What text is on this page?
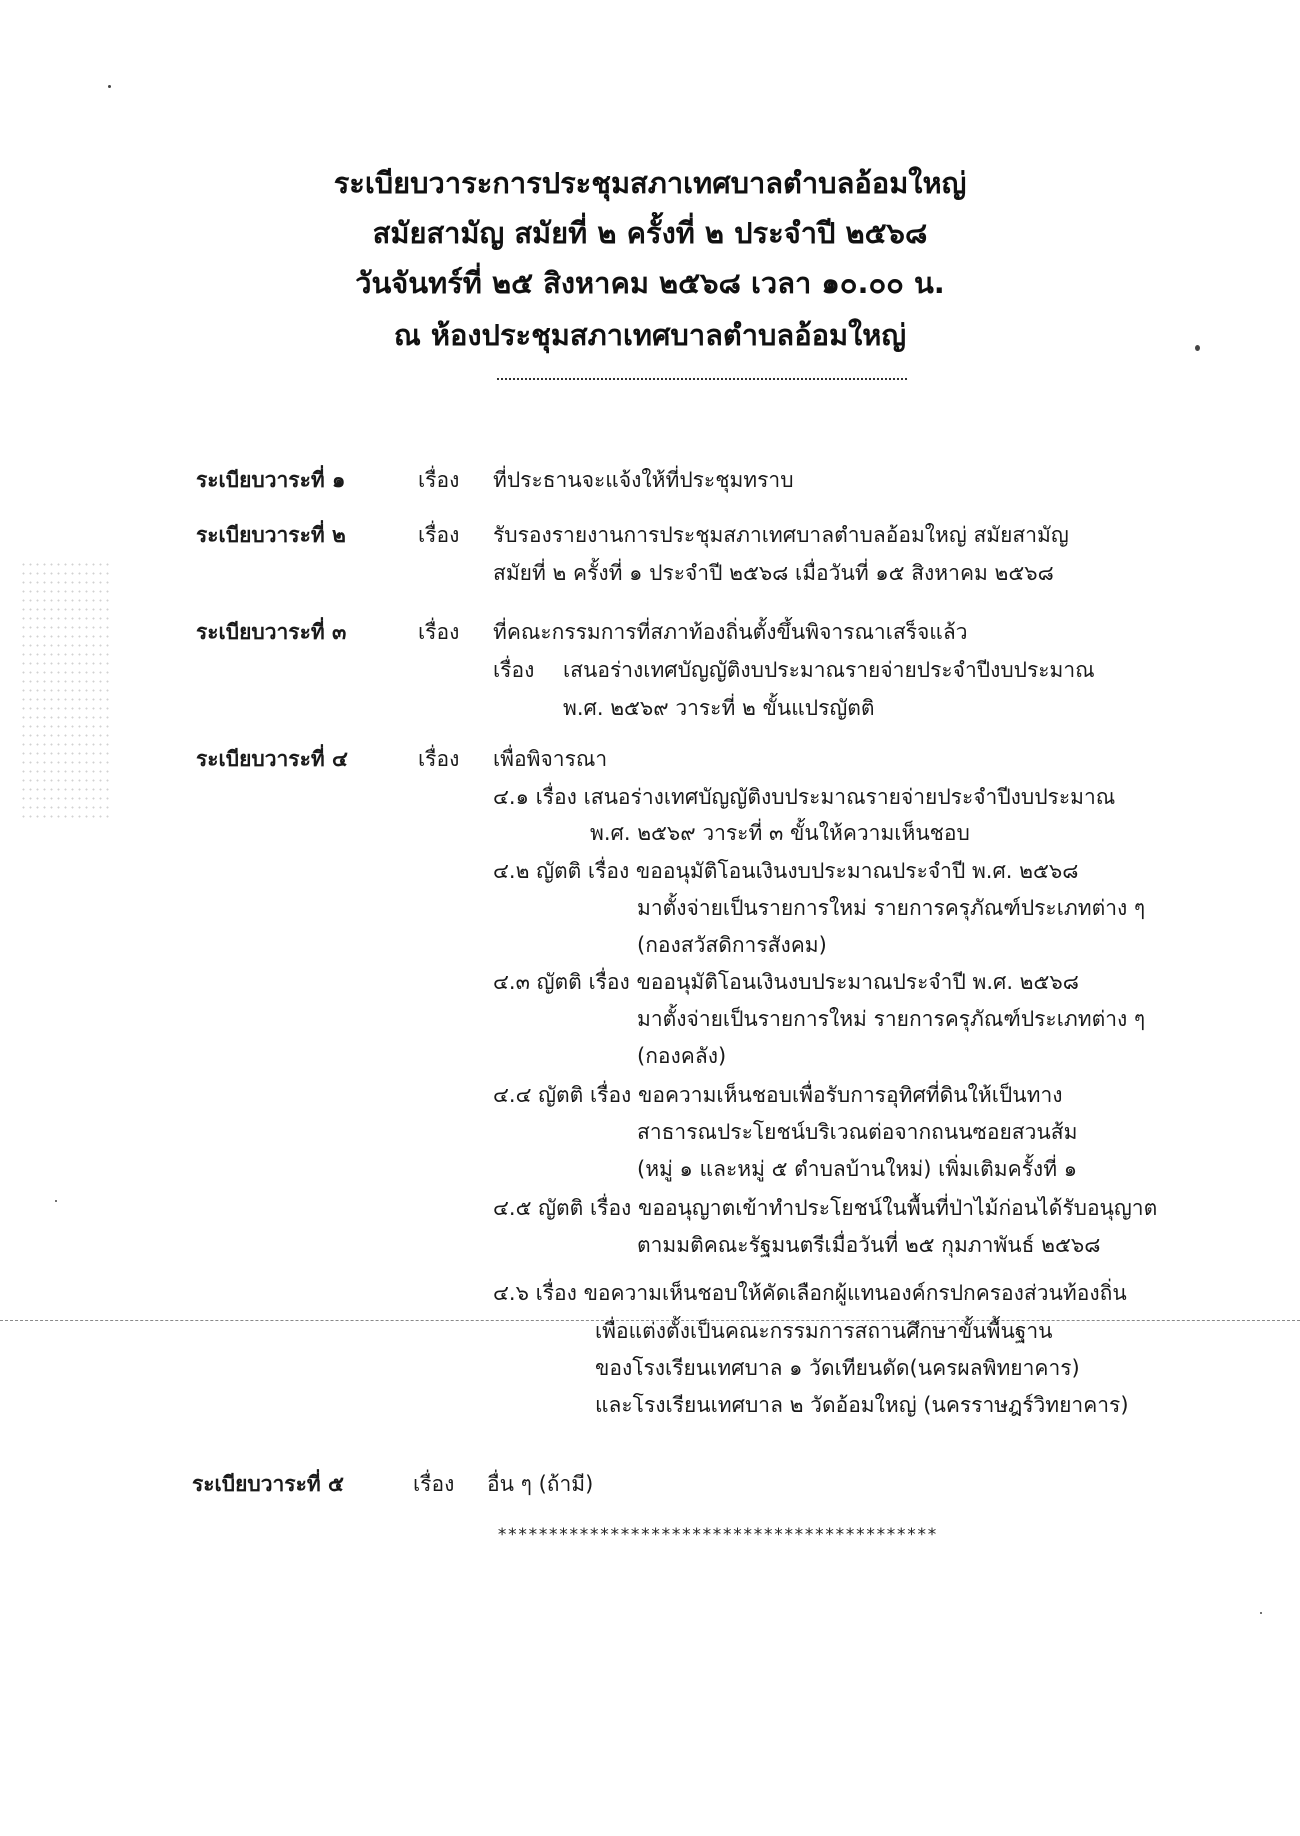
ระเบียบวาระการประชุมสภาเทศบาลตำบลอ้อมใหญ่
สมัยสามัญ สมัยที่ ๒ ครั้งที่ ๒ ประจำปี ๒๕๖๘
วันจันทร์ที่ ๒๕ สิงหาคม ๒๕๖๘ เวลา ๑๐.๐๐ น.
ณ ห้องประชุมสภาเทศบาลตำบลอ้อมใหญ่
ระเบียบวาระที่ ๑	เรื่อง ที่ประธานจะแจ้งให้ที่ประชุมทราบ
ระเบียบวาระที่ ๒	เรื่อง รับรองรายงานการประชุมสภาเทศบาลตำบลอ้อมใหญ่ สมัยสามัญ
สมัยที่ ๒ ครั้งที่ ๑ ประจำปี ๒๕๖๘ เมื่อวันที่ ๑๕ สิงหาคม ๒๕๖๘
ระเบียบวาระที่ ๓	เรื่อง ที่คณะกรรมการที่สภาท้องถิ่นตั้งขึ้นพิจารณาเสร็จแล้ว
เรื่อง เสนอร่างเทศบัญญัติงบประมาณรายจ่ายประจำปีงบประมาณ
พ.ศ. ๒๕๖๙ วาระที่ ๒ ขั้นแปรญัตติ
ระเบียบวาระที่ ๔	เรื่อง เพื่อพิจารณา
๔.๑ เรื่อง เสนอร่างเทศบัญญัติงบประมาณรายจ่ายประจำปีงบประมาณ
พ.ศ. ๒๕๖๙ วาระที่ ๓ ขั้นให้ความเห็นชอบ
๔.๒ ญัตติ เรื่อง ขออนุมัติโอนเงินงบประมาณประจำปี พ.ศ. ๒๕๖๘
มาตั้งจ่ายเป็นรายการใหม่ รายการครุภัณฑ์ประเภทต่าง ๆ
(กองสวัสดิการสังคม)
๔.๓ ญัตติ เรื่อง ขออนุมัติโอนเงินงบประมาณประจำปี พ.ศ. ๒๕๖๘
มาตั้งจ่ายเป็นรายการใหม่ รายการครุภัณฑ์ประเภทต่าง ๆ
(กองคลัง)
๔.๔ ญัตติ เรื่อง ขอความเห็นชอบเพื่อรับการอุทิศที่ดินให้เป็นทาง
สาธารณประโยชน์บริเวณต่อจากถนนซอยสวนส้ม
(หมู่ ๑ และหมู่ ๕ ตำบลบ้านใหม่) เพิ่มเติมครั้งที่ ๑
๔.๕ ญัตติ เรื่อง ขออนุญาตเข้าทำประโยชน์ในพื้นที่ป่าไม้ก่อนได้รับอนุญาต
ตามมติคณะรัฐมนตรีเมื่อวันที่ ๒๕ กุมภาพันธ์ ๒๕๖๘
๔.๖ เรื่อง ขอความเห็นชอบให้คัดเลือกผู้แทนองค์กรปกครองส่วนท้องถิ่น
เพื่อแต่งตั้งเป็นคณะกรรมการสถานศึกษาขั้นพื้นฐาน
ของโรงเรียนเทศบาล ๑ วัดเทียนดัด(นครผลพิทยาคาร)
และโรงเรียนเทศบาล ๒ วัดอ้อมใหญ่ (นครราษฎร์วิทยาคาร)
ระเบียบวาระที่ ๕	เรื่อง อื่น ๆ (ถ้ามี)
*******************************************
